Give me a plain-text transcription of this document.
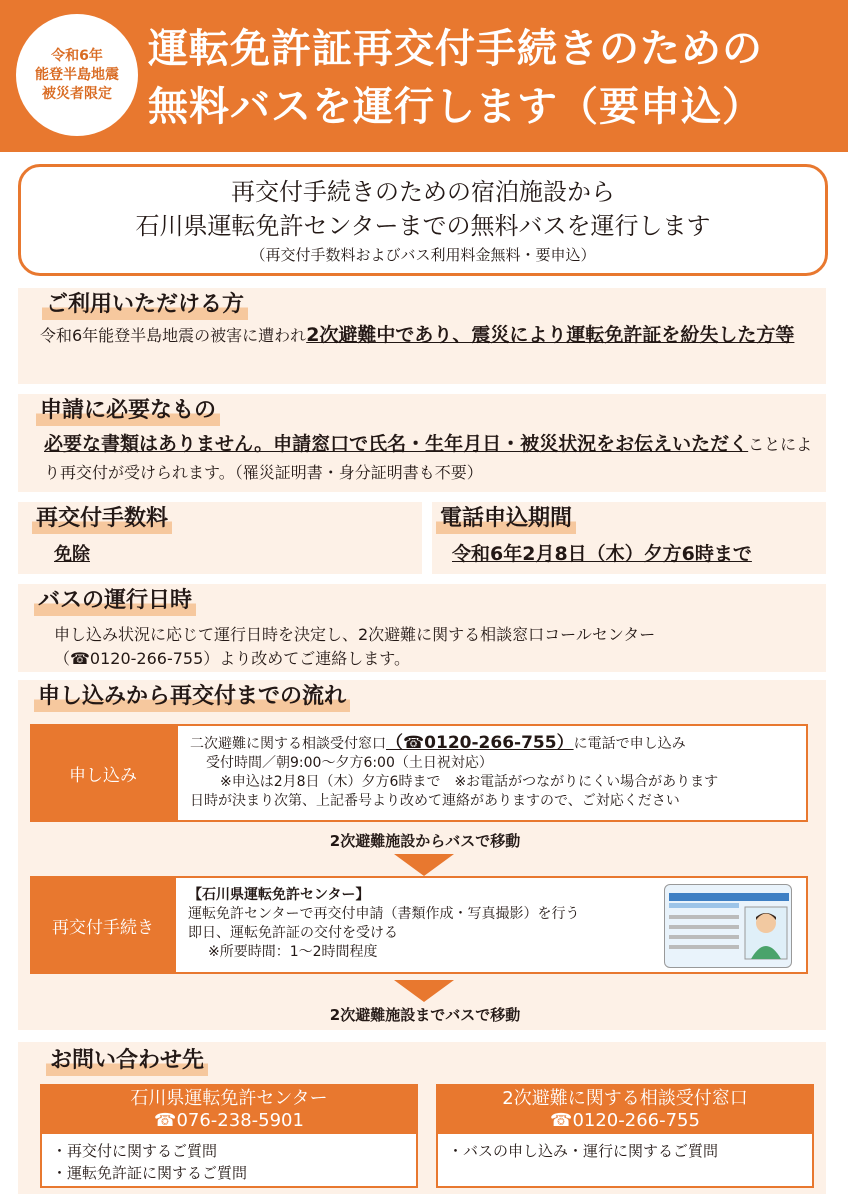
令和6年
能登半島地震
被災者限定
運転免許証再交付手続きのための
無料バスを運行します（要申込）
再交付手続きのための宿泊施設から
石川県運転免許センターまでの無料バスを運行します
（再交付手数料およびバス利用料金無料・要申込）
ご利用いただける方
令和6年能登半島地震の被害に遭われ2次避難中であり、震災により運転免許証を紛失した方等
申請に必要なもの
必要な書類はありません。申請窓口で氏名・生年月日・被災状況をお伝えいただくことにより再交付が受けられます。（罹災証明書・身分証明書も不要）
再交付手数料
免除
電話申込期間
令和6年2月8日（木）夕方6時まで
バスの運行日時
申し込み状況に応じて運行日時を決定し、2次避難に関する相談窓口コールセンター
（☎0120-266-755）より改めてご連絡します。
申し込みから再交付までの流れ
申し込み
二次避難に関する相談受付窓口（☎0120-266-755）に電話で申し込み
受付時間／朝9:00〜夕方6:00（土日祝対応）
※申込は2月8日（木）夕方6時まで　※お電話がつながりにくい場合があります
日時が決まり次第、上記番号より改めて連絡がありますので、ご対応ください
2次避難施設からバスで移動
再交付手続き
【石川県運転免許センター】
運転免許センターで再交付申請（書類作成・写真撮影）を行う
即日、運転免許証の交付を受ける
※所要時間：1〜2時間程度
2次避難施設までバスで移動
お問い合わせ先
石川県運転免許センター
☎076-238-5901
・再交付に関するご質問
・運転免許証に関するご質問
2次避難に関する相談受付窓口
☎0120-266-755
・バスの申し込み・運行に関するご質問
